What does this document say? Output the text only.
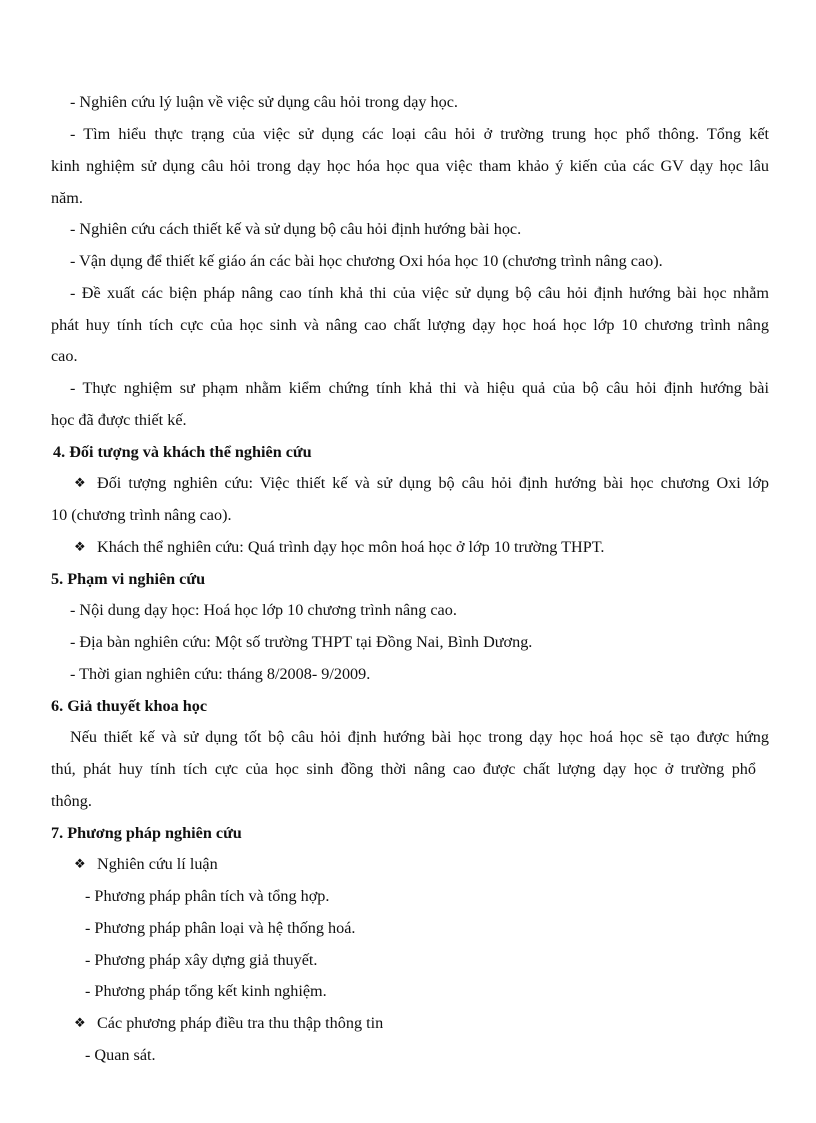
- Nghiên cứu lý luận về việc sử dụng câu hỏi trong dạy học.
- Tìm hiểu thực trạng của việc sử dụng các loại câu hỏi ở trường trung học phổ thông. Tổng kết
kinh nghiệm sử dụng câu hỏi trong dạy học hóa học qua việc tham khảo ý kiến của các GV dạy học lâu
năm.
- Nghiên cứu cách thiết kế và sử dụng bộ câu hỏi định hướng bài học.
- Vận dụng để thiết kế giáo án các bài học chương Oxi hóa học 10 (chương trình nâng cao).
- Đề xuất các biện pháp nâng cao tính khả thi của việc sử dụng bộ câu hỏi định hướng bài học nhằm
phát huy tính tích cực của học sinh và nâng cao chất lượng dạy học hoá học lớp 10 chương trình nâng
cao.
- Thực nghiệm sư phạm nhằm kiểm chứng tính khả thi và hiệu quả của bộ câu hỏi định hướng bài
học đã được thiết kế.
4. Đối tượng và khách thể nghiên cứu
❖ Đối tượng nghiên cứu: Việc thiết kế và sử dụng bộ câu hỏi định hướng bài học chương Oxi lớp
10 (chương trình nâng cao).
❖ Khách thể nghiên cứu: Quá trình dạy học môn hoá học ở lớp 10 trường THPT.
5. Phạm vi nghiên cứu
- Nội dung dạy học: Hoá học lớp 10 chương trình nâng cao.
- Địa bàn nghiên cứu: Một số trường THPT tại Đồng Nai, Bình Dương.
- Thời gian nghiên cứu: tháng 8/2008- 9/2009.
6. Giả thuyết khoa học
Nếu thiết kế và sử dụng tốt bộ câu hỏi định hướng bài học trong dạy học hoá học sẽ tạo được hứng
thú, phát huy tính tích cực của học sinh đồng thời nâng cao được chất lượng dạy học ở trường phổ
thông.
7. Phương pháp nghiên cứu
❖ Nghiên cứu lí luận
- Phương pháp phân tích và tổng hợp.
- Phương pháp phân loại và hệ thống hoá.
- Phương pháp xây dựng giả thuyết.
- Phương pháp tổng kết kinh nghiệm.
❖ Các phương pháp điều tra thu thập thông tin
- Quan sát.
